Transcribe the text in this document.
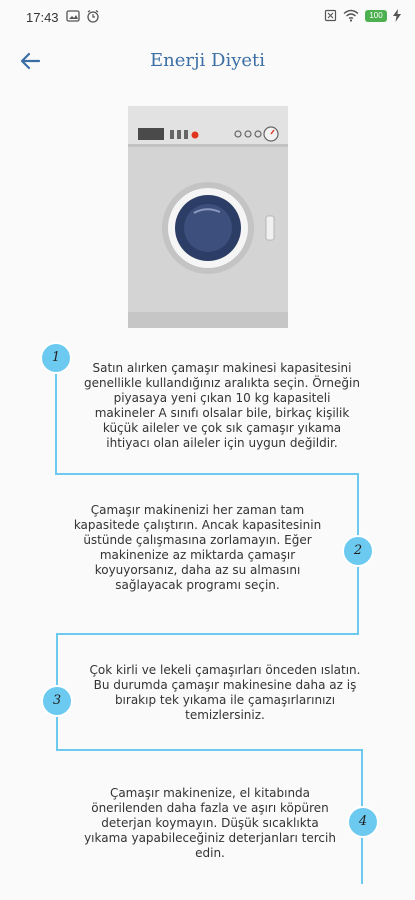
17:43	100
Enerji Diyeti
1
Satın alırken çamaşır makinesi kapasitesini genellikle kullandığınız aralıkta seçin. Örneğin piyasaya yeni çıkan 10 kg kapasiteli makineler A sınıfı olsalar bile, birkaç kişilik küçük aileler ve çok sık çamaşır yıkama ihtiyacı olan aileler için uygun değildir.
2
Çamaşır makinenizi her zaman tam kapasitede çalıştırın. Ancak kapasitesinin üstünde çalışmasına zorlamayın. Eğer makinenize az miktarda çamaşır koyuyorsanız, daha az su almasını sağlayacak programı seçin.
3
Çok kirli ve lekeli çamaşırları önceden ıslatın. Bu durumda çamaşır makinesine daha az iş bırakıp tek yıkama ile çamaşırlarınızı temizlersiniz.
4
Çamaşır makinenize, el kitabında önerilenden daha fazla ve aşırı köpüren deterjan koymayın. Düşük sıcaklıkta yıkama yapabileceğiniz deterjanları tercih edin.
